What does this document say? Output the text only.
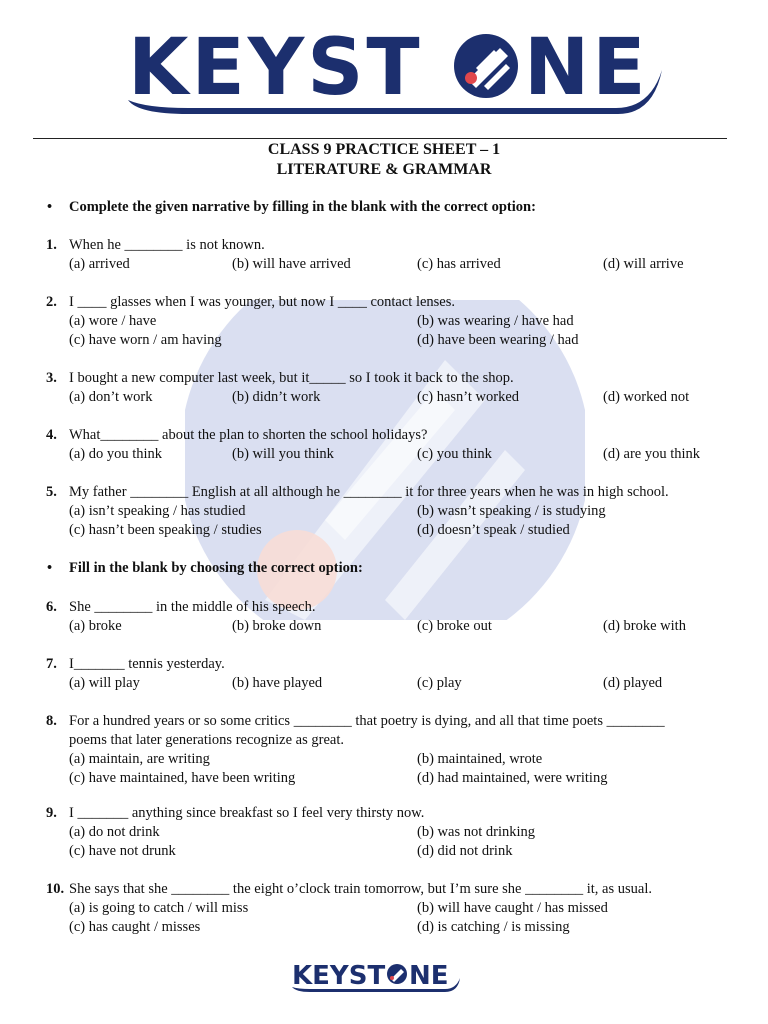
KEYST NE
CLASS 9 PRACTICE SHEET – 1
LITERATURE & GRAMMAR
• Complete the given narrative by filling in the blank with the correct option:
1. When he ________ is not known.
(a) arrived	(b) will have arrived	(c) has arrived	(d) will arrive
2. I ____ glasses when I was younger, but now I ____ contact lenses.
(a) wore / have	(b) was wearing / have had
(c) have worn / am having	(d) have been wearing / had
3. I bought a new computer last week, but it_____ so I took it back to the shop.
(a) don’t work	(b) didn’t work	(c) hasn’t worked	(d) worked not
4. What________ about the plan to shorten the school holidays?
(a) do you think	(b) will you think	(c) you think	(d) are you think
5. My father ________ English at all although he ________ it for three years when he was in high school.
(a) isn’t speaking / has studied	(b) wasn’t speaking / is studying
(c) hasn’t been speaking / studies	(d) doesn’t speak / studied
• Fill in the blank by choosing the correct option:
6. She ________ in the middle of his speech.
(a) broke	(b) broke down	(c) broke out	(d) broke with
7. I_______ tennis yesterday.
(a) will play	(b) have played	(c) play	(d) played
8. For a hundred years or so some critics ________ that poetry is dying, and all that time poets ________
poems that later generations recognize as great.
(a) maintain, are writing	(b) maintained, wrote
(c) have maintained, have been writing	(d) had maintained, were writing
9. I _______ anything since breakfast so I feel very thirsty now.
(a) do not drink	(b) was not drinking
(c) have not drunk	(d) did not drink
10. She says that she ________ the eight o’clock train tomorrow, but I’m sure she ________ it, as usual.
(a) is going to catch / will miss	(b) will have caught / has missed
(c) has caught / misses	(d) is catching / is missing
KEYST NE
